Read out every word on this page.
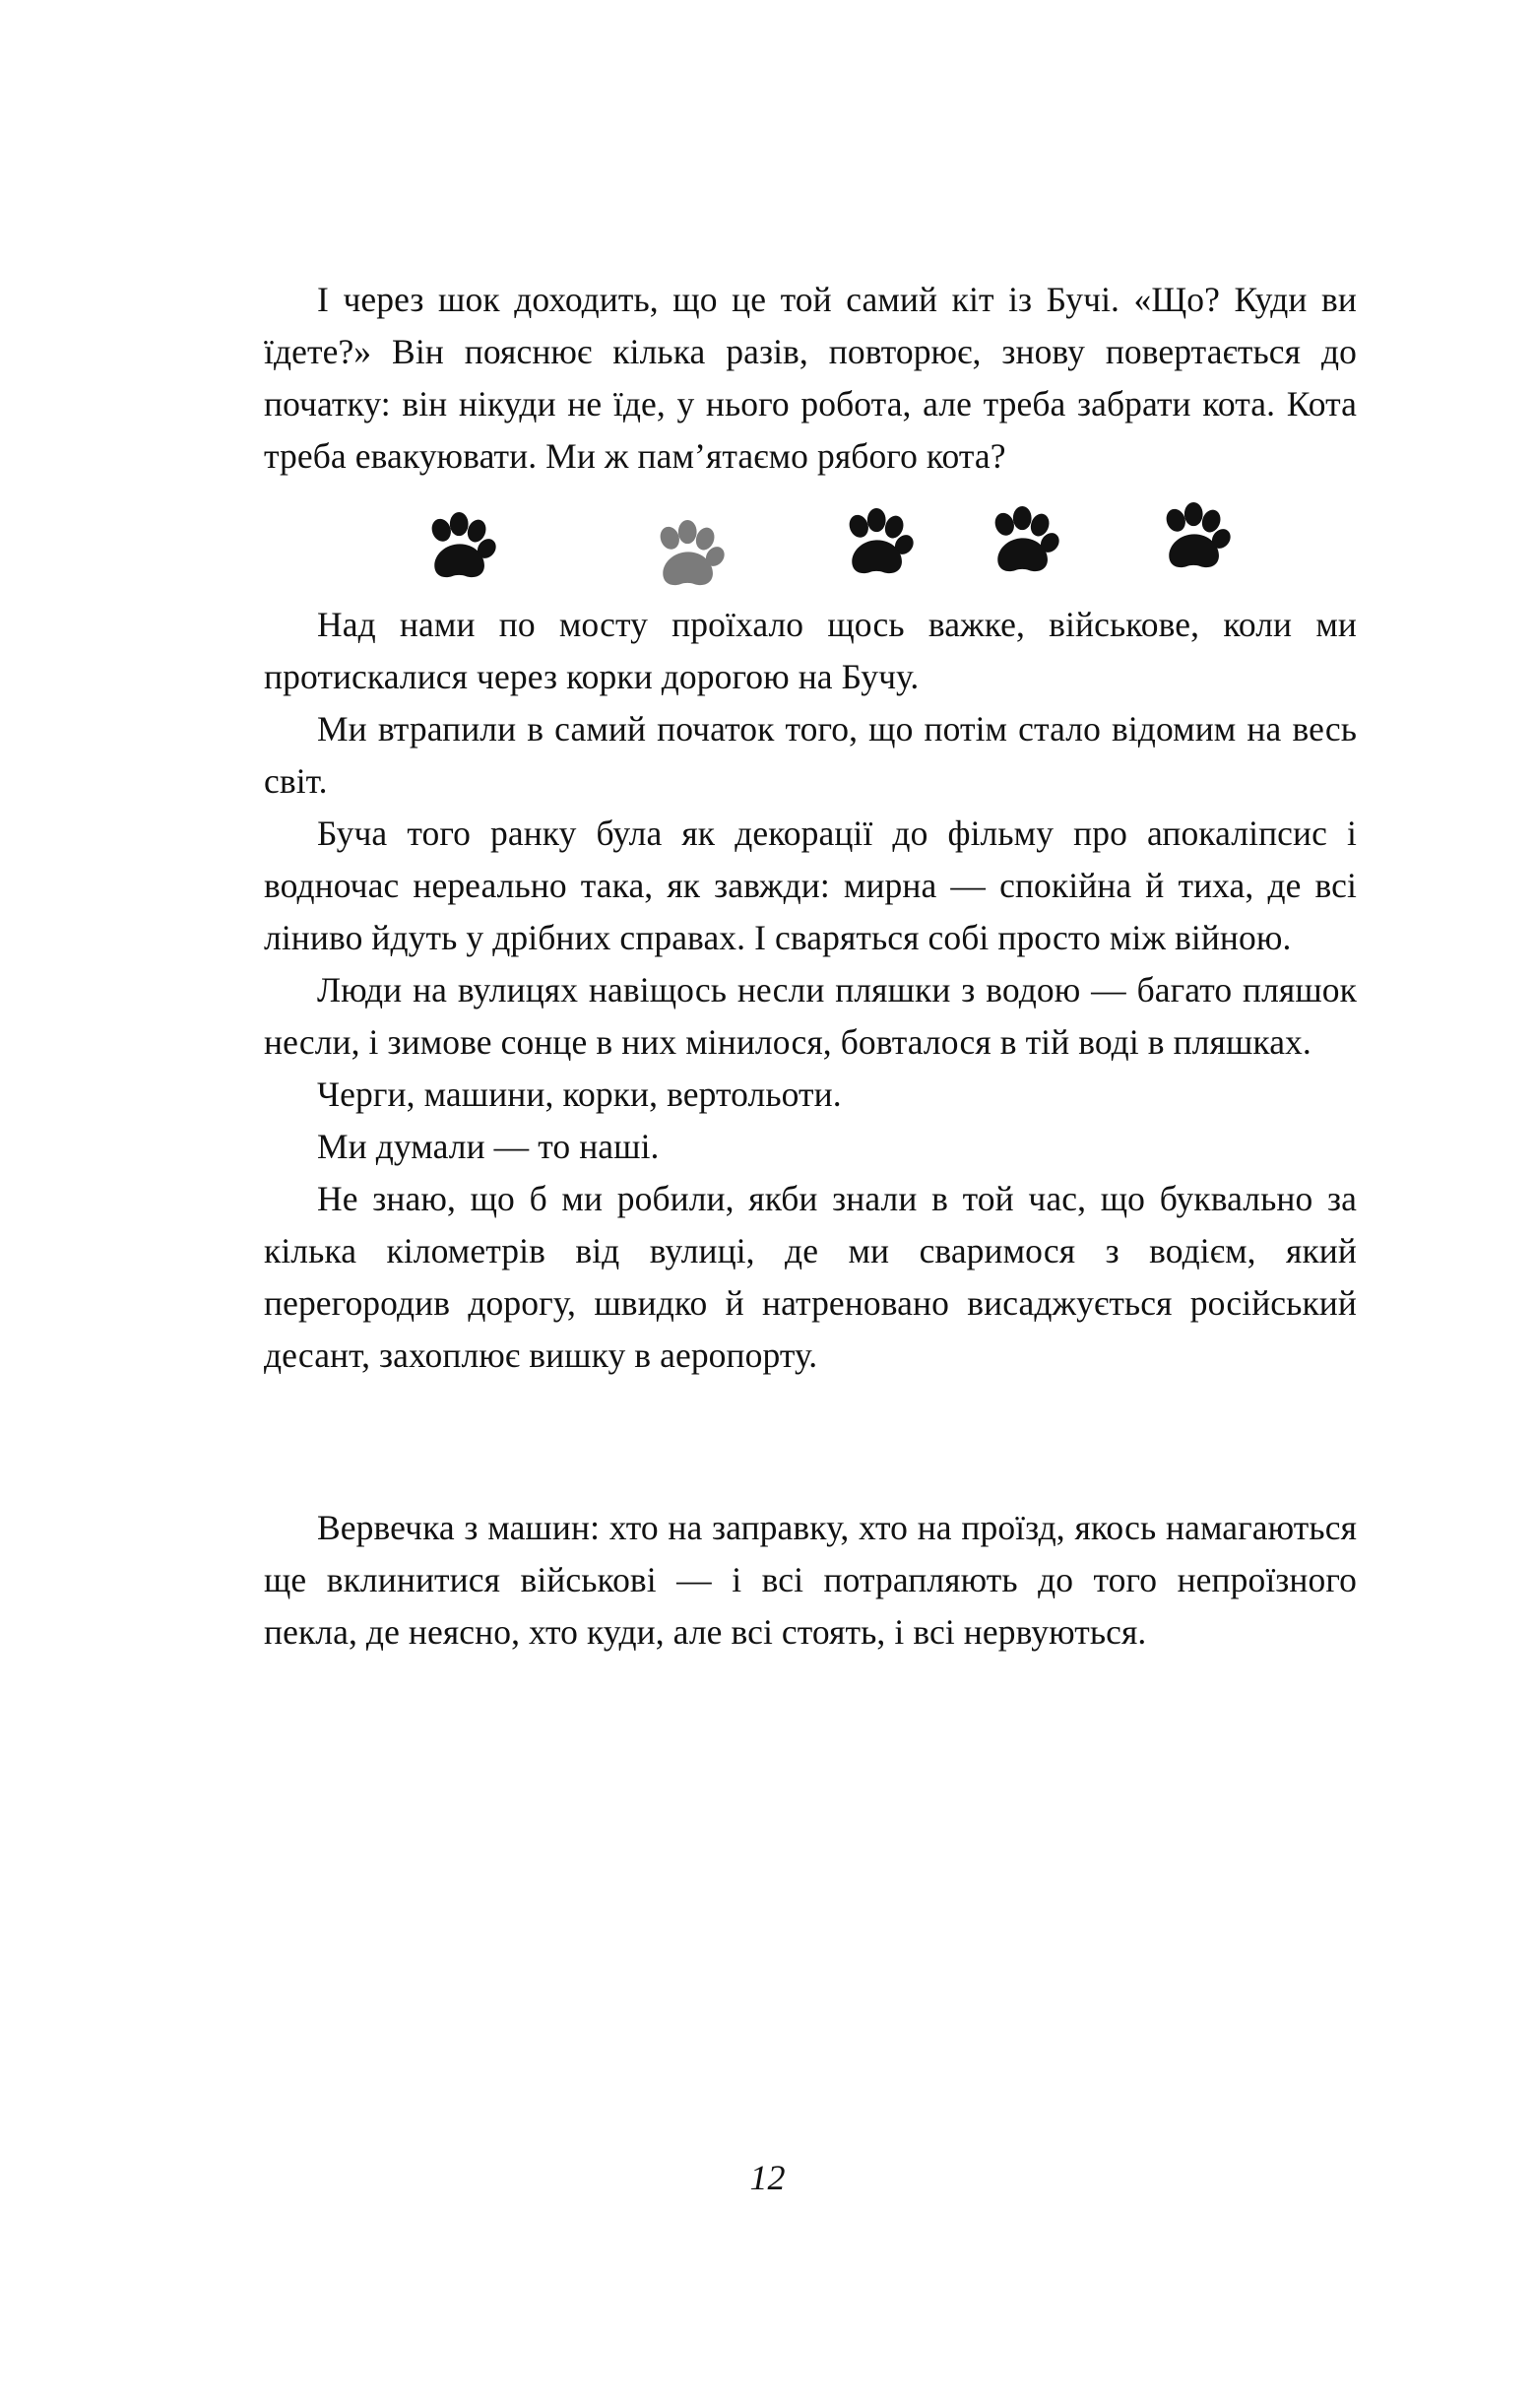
І через шок доходить, що це той самий кіт із Бучі. «Що? Куди ви їдете?» Він пояснює кілька разів, повторює, знову повертається до початку: він нікуди не їде, у нього робота, але треба забрати кота. Кота треба евакуювати. Ми ж пам’ятаємо рябого кота?

Над нами по мосту проїхало щось важке, військове, коли ми протискалися через корки дорогою на Бучу.

Ми втрапили в самий початок того, що потім стало відомим на весь світ.

Буча того ранку була як декорації до фільму про апокаліпсис і водночас нереально така, як завжди: мирна — спокійна й тиха, де всі ліниво йдуть у дрібних справах. І сваряться собі просто між війною.

Люди на вулицях навіщось несли пляшки з водою — багато пляшок несли, і зимове сонце в них мінилося, бовталося в тій воді в пляшках.

Черги, машини, корки, вертольоти.

Ми думали — то наші.

Не знаю, що б ми робили, якби знали в той час, що буквально за кілька кілометрів від вулиці, де ми сваримося з водієм, який перегородив дорогу, швидко й натреновано висаджується російський десант, захоплює вишку в аеропорту.

Вервечка з машин: хто на заправку, хто на проїзд, якось намагаються ще вклинитися військові — і всі потрапляють до того непроїзного пекла, де неясно, хто куди, але всі стоять, і всі нервуються.

12
